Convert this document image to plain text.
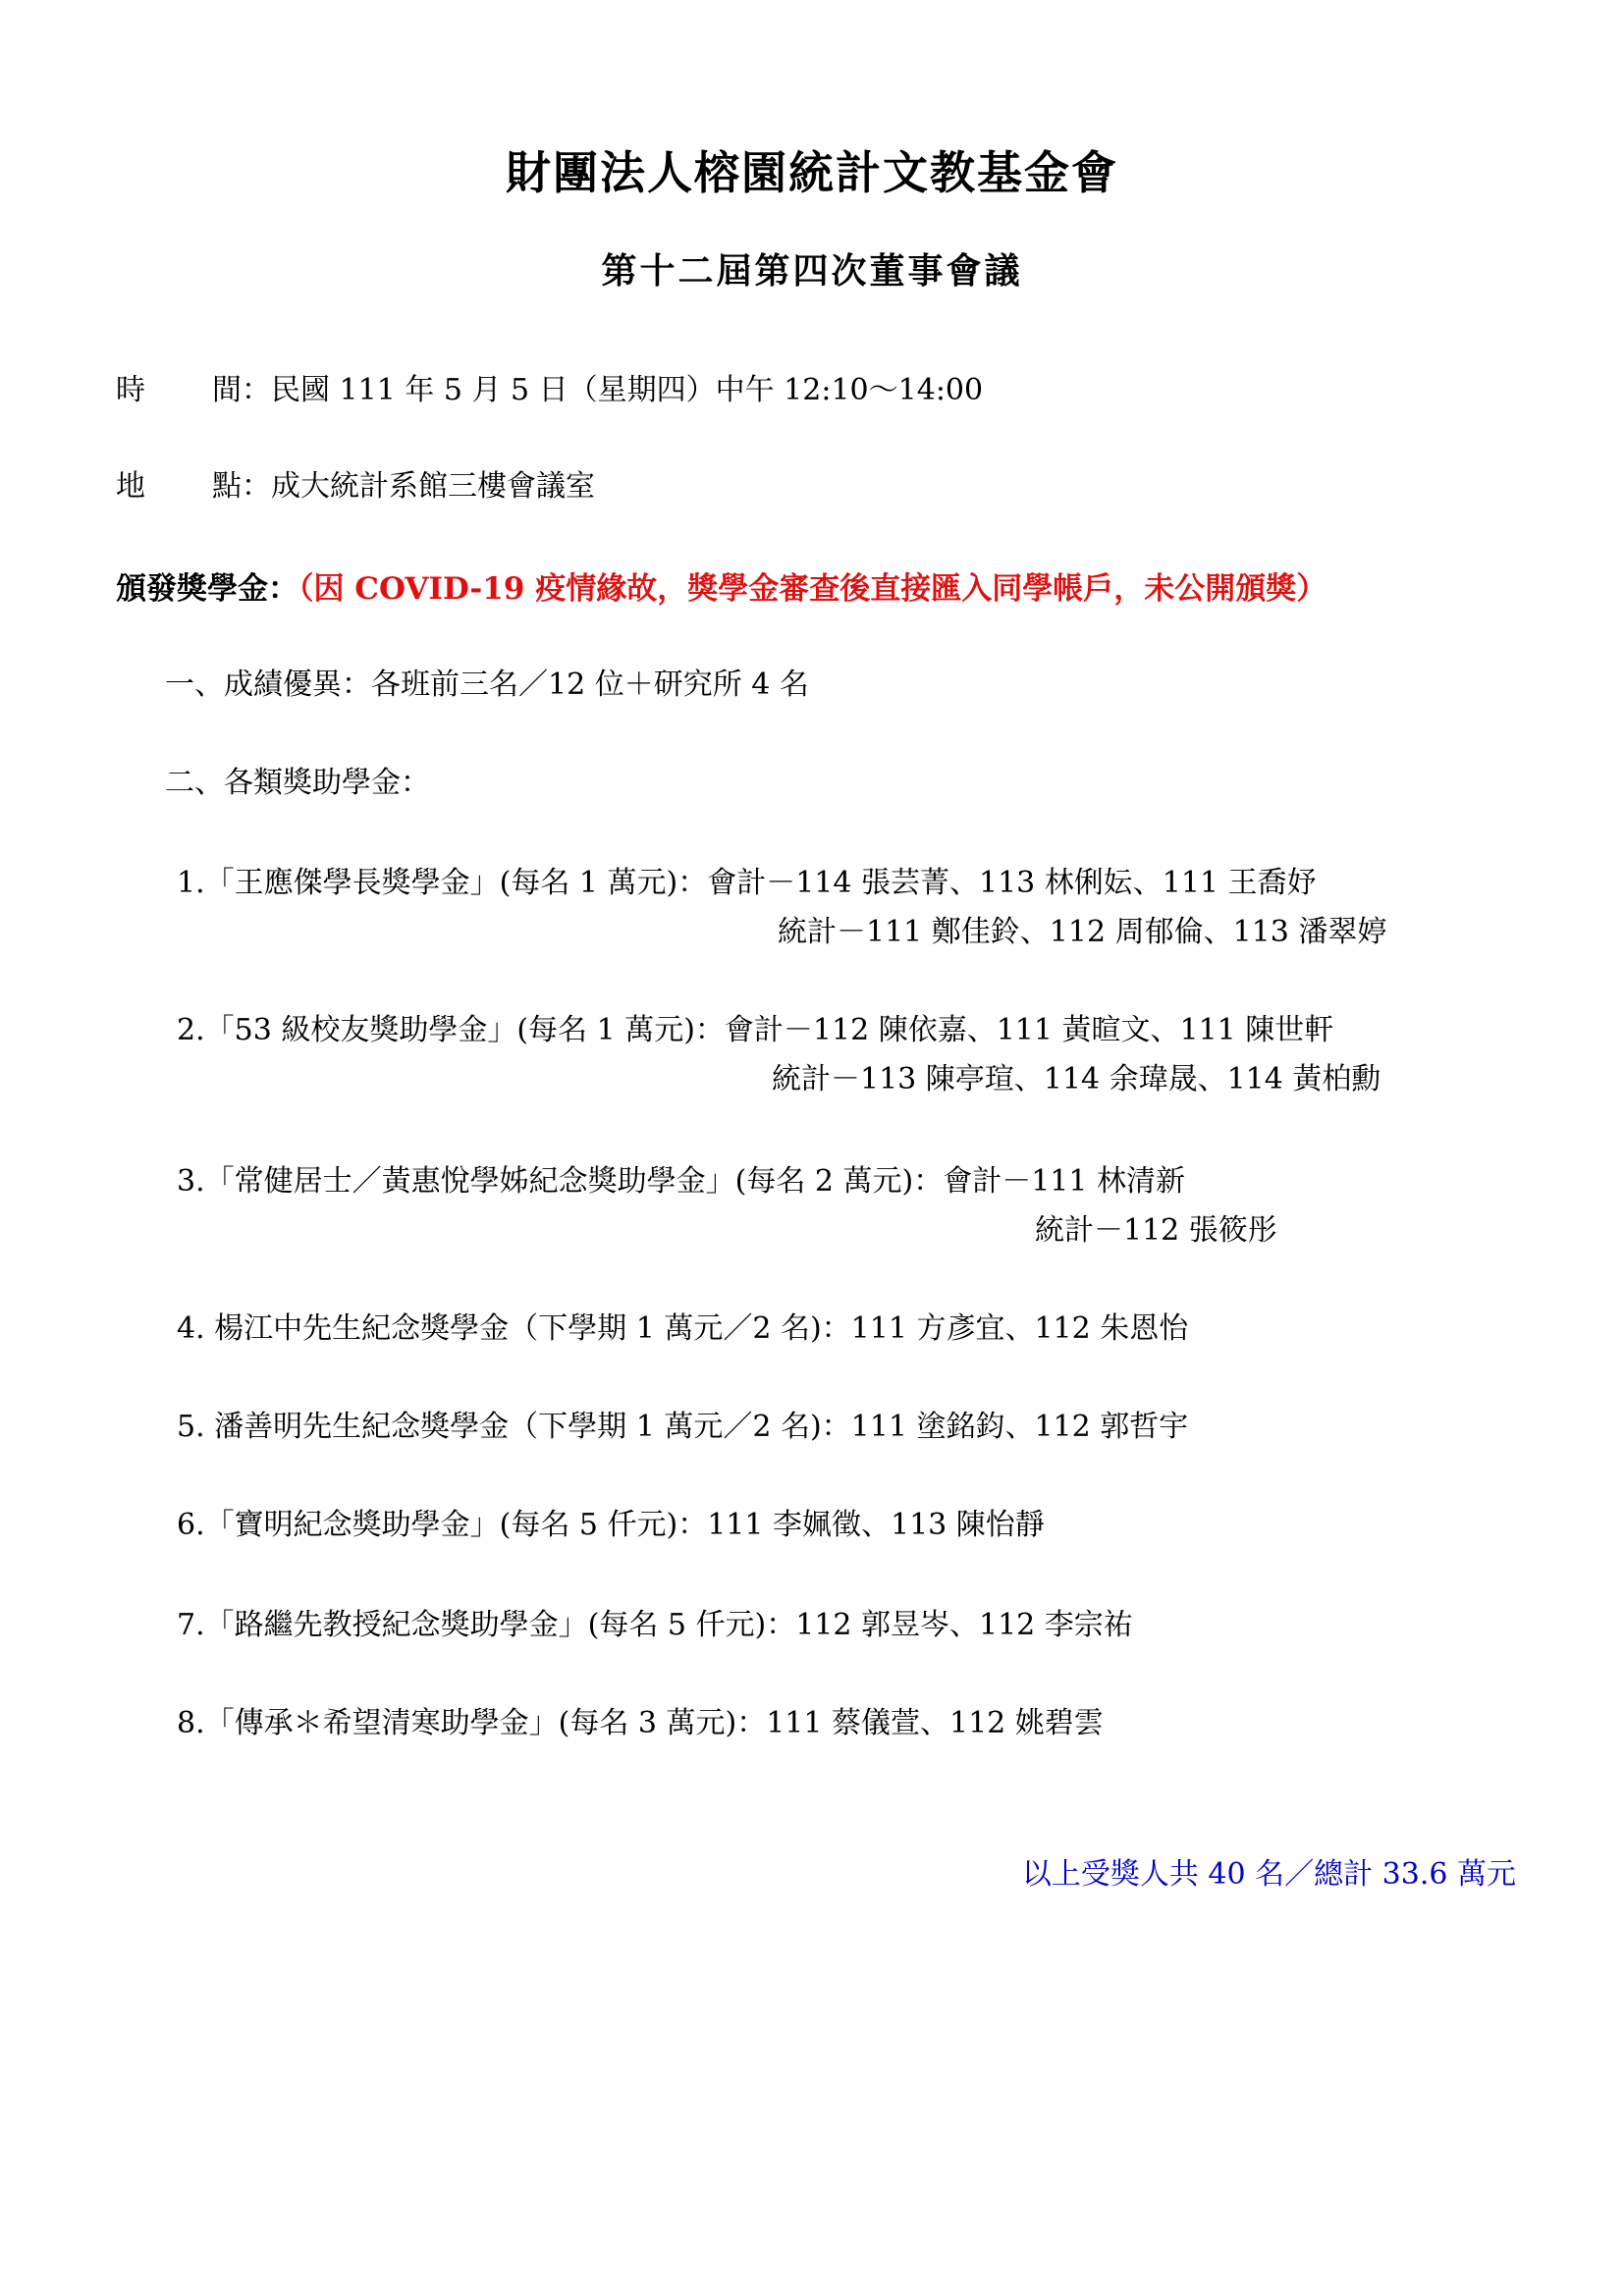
財團法人榕園統計文教基金會
第十二屆第四次董事會議
時 間：民國 111 年 5 月 5 日（星期四）中午 12:10～14:00
地 點：成大統計系館三樓會議室
頒發獎學金：（因 COVID-19 疫情緣故，獎學金審查後直接匯入同學帳戶，未公開頒獎）
一、成績優異：各班前三名／12 位＋研究所 4 名
二、各類獎助學金：
1.「王應傑學長獎學金」(每名 1 萬元)：會計－114 張芸菁、113 林俐妘、111 王喬妤
統計－111 鄭佳鈴、112 周郁倫、113 潘翠婷
2.「53 級校友獎助學金」(每名 1 萬元)：會計－112 陳依嘉、111 黃暄文、111 陳世軒
統計－113 陳亭瑄、114 余瑋晟、114 黃柏勳
3.「常健居士／黃惠悅學姊紀念獎助學金」(每名 2 萬元)：會計－111 林清新
統計－112 張筱彤
4. 楊江中先生紀念獎學金（下學期 1 萬元／2 名)：111 方彥宜、112 朱恩怡
5. 潘善明先生紀念獎學金（下學期 1 萬元／2 名)：111 塗銘鈞、112 郭哲宇
6.「寶明紀念獎助學金」(每名 5 仟元)：111 李姵徵、113 陳怡靜
7.「路繼先教授紀念獎助學金」(每名 5 仟元)：112 郭昱岑、112 李宗祐
8.「傳承＊希望清寒助學金」(每名 3 萬元)：111 蔡儀萱、112 姚碧雲
以上受獎人共 40 名／總計 33.6 萬元
